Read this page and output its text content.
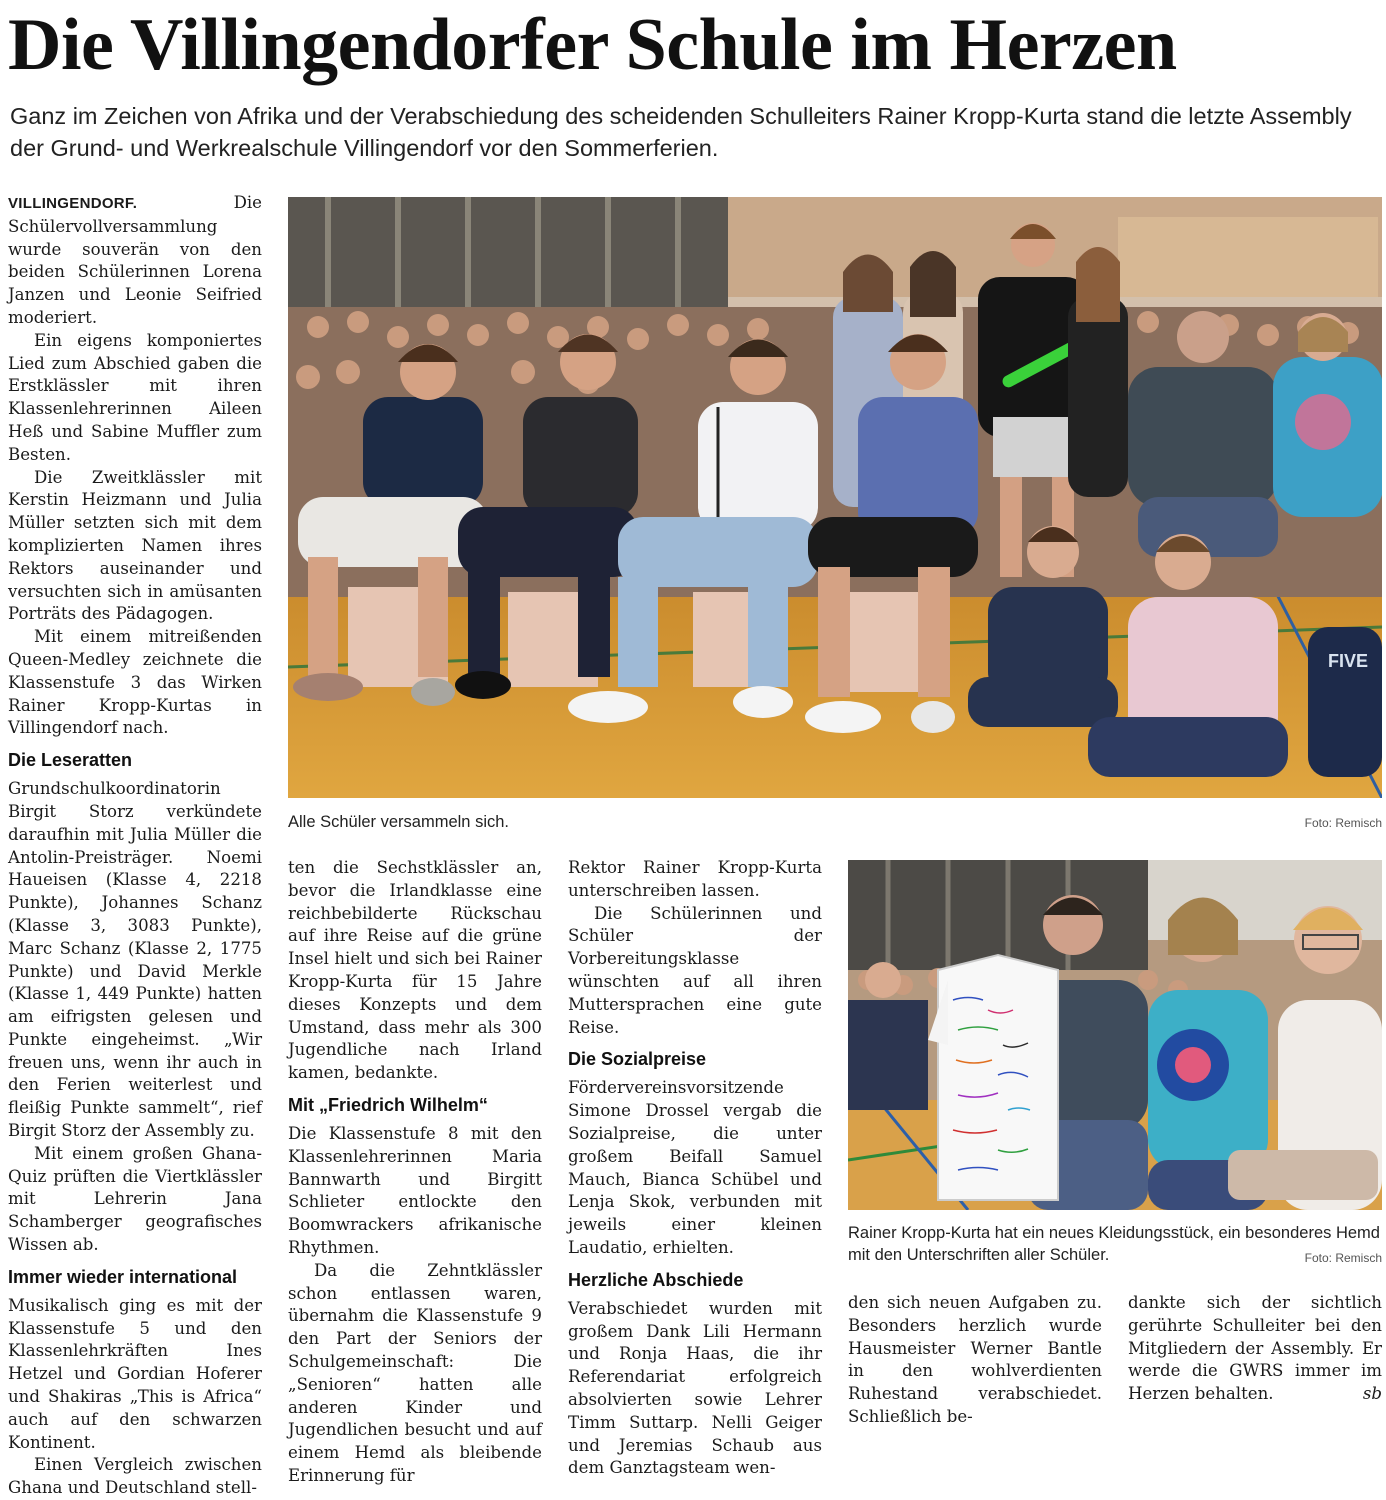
Die Villingendorfer Schule im Herzen
Ganz im Zeichen von Afrika und der Verabschiedung des scheidenden Schulleiters Rainer Kropp-Kurta stand die letzte Assembly der Grund- und Werkrealschule Villingendorf vor den Sommerferien.

VILLINGENDORF.	Die Schülervollversammlung wurde souverän von den beiden Schülerinnen Lorena Janzen und Leonie Seifried moderiert.

Ein eigens komponiertes Lied zum Abschied gaben die Erstklässler mit ihren Klassenlehrerinnen Aileen Heß und Sabine Muffler zum Besten.

Die Zweitklässler mit Kerstin Heizmann und Julia Müller setzten sich mit dem komplizierten Namen ihres Rektors auseinander und versuchten sich in amüsanten Porträts des Pädagogen.

Mit einem mitreißenden Queen-Medley zeichnete die Klassenstufe 3 das Wirken Rainer Kropp-Kurtas in Villingendorf nach.

Die Leseratten

Grundschulkoordinatorin Birgit Storz verkündete daraufhin mit Julia Müller die Antolin-Preisträger. Noemi Haueisen (Klasse 4, 2218 Punkte), Johannes Schanz (Klasse 3, 3083 Punkte), Marc Schanz (Klasse 2, 1775 Punkte) und David Merkle (Klasse 1, 449 Punkte) hatten am eifrigsten gelesen und Punkte eingeheimst. „Wir freuen uns, wenn ihr auch in den Ferien weiterlest und fleißig Punkte sammelt“, rief Birgit Storz der Assembly zu.

Mit einem großen Ghana-Quiz prüften die Viertklässler mit Lehrerin Jana Schamberger geografisches Wissen ab.

Immer wieder international

Musikalisch ging es mit der Klassenstufe 5 und den Klassenlehrkräften Ines Hetzel und Gordian Hoferer und Shakiras „This is Africa“ auch auf den schwarzen Kontinent.

Einen Vergleich zwischen Ghana und Deutschland stell-

FIVE
Alle Schüler versammeln sich.	Foto: Remisch

ten die Sechstklässler an, bevor die Irlandklasse eine reichbebilderte Rückschau auf ihre Reise auf die grüne Insel hielt und sich bei Rainer Kropp-Kurta für 15 Jahre dieses Konzepts und dem Umstand, dass mehr als 300 Jugendliche nach Irland kamen, bedankte.

Mit „Friedrich Wilhelm“

Die Klassenstufe 8 mit den Klassenlehrerinnen Maria Bannwarth und Birgitt Schlieter entlockte den Boomwrackers afrikanische Rhythmen.

Da die Zehntklässler schon entlassen waren, übernahm die Klassenstufe 9 den Part der Seniors der Schulgemeinschaft: Die „Senioren“ hatten alle anderen Kinder und Jugendlichen besucht und auf einem Hemd als bleibende Erinnerung für

Rektor Rainer Kropp-Kurta unterschreiben lassen.

Die Schülerinnen und Schüler der Vorbereitungsklasse wünschten auf all ihren Muttersprachen eine gute Reise.

Die Sozialpreise

Fördervereinsvorsitzende Simone Drossel vergab die Sozialpreise, die unter großem Beifall Samuel Mauch, Bianca Schübel und Lenja Skok, verbunden mit jeweils einer kleinen Laudatio, erhielten.

Herzliche Abschiede

Verabschiedet wurden mit großem Dank Lili Hermann und Ronja Haas, die ihr Referendariat erfolgreich absolvierten sowie Lehrer Timm Suttarp. Nelli Geiger und Jeremias Schaub aus dem Ganztagsteam wen-

Rainer Kropp-Kurta hat ein neues Kleidungsstück, ein besonderes Hemd mit den Unterschriften aller Schüler.	Foto: Remisch

den sich neuen Aufgaben zu. Besonders herzlich wurde Hausmeister Werner Bantle in den wohlverdienten Ruhestand verabschiedet. Schließlich be-

dankte sich der sichtlich gerührte Schulleiter bei den Mitgliedern der Assembly. Er werde die GWRS immer im Herzen behalten.	sb
